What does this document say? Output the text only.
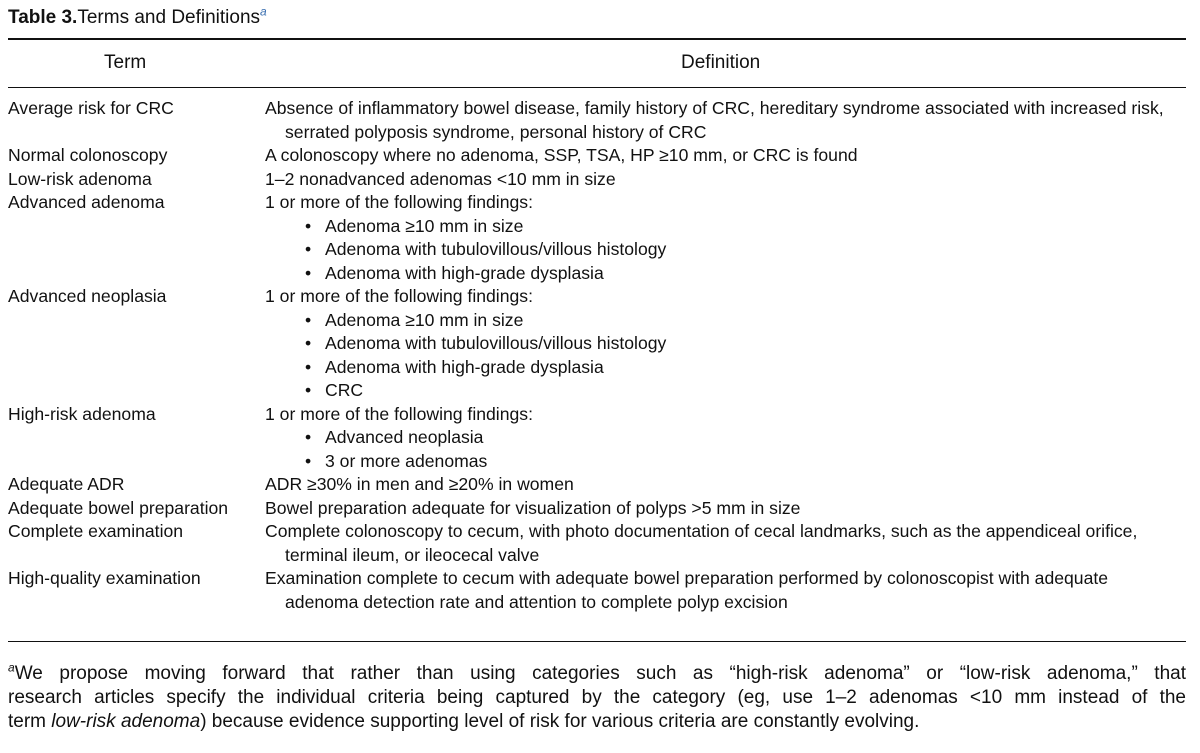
Table 3.Terms and Definitions$^a$
Term	Definition
Average risk for CRC	Absence of inflammatory bowel disease, family history of CRC, hereditary syndrome associated with increased risk, serrated polyposis syndrome, personal history of CRC
Normal colonoscopy	A colonoscopy where no adenoma, SSP, TSA, HP ≥10 mm, or CRC is found
Low-risk adenoma	1–2 nonadvanced adenomas <10 mm in size
Advanced adenoma	1 or more of the following findings:
• Adenoma ≥10 mm in size
• Adenoma with tubulovillous/villous histology
• Adenoma with high-grade dysplasia
Advanced neoplasia	1 or more of the following findings:
• Adenoma ≥10 mm in size
• Adenoma with tubulovillous/villous histology
• Adenoma with high-grade dysplasia
• CRC
High-risk adenoma	1 or more of the following findings:
• Advanced neoplasia
• 3 or more adenomas
Adequate ADR	ADR ≥30% in men and ≥20% in women
Adequate bowel preparation	Bowel preparation adequate for visualization of polyps >5 mm in size
Complete examination	Complete colonoscopy to cecum, with photo documentation of cecal landmarks, such as the appendiceal orifice, terminal ileum, or ileocecal valve
High-quality examination	Examination complete to cecum with adequate bowel preparation performed by colonoscopist with adequate adenoma detection rate and attention to complete polyp excision
$^a$We propose moving forward that rather than using categories such as “high-risk adenoma” or “low-risk adenoma,” that
research articles specify the individual criteria being captured by the category (eg, use 1–2 adenomas <10 mm instead of the
term low-risk adenoma) because evidence supporting level of risk for various criteria are constantly evolving.
